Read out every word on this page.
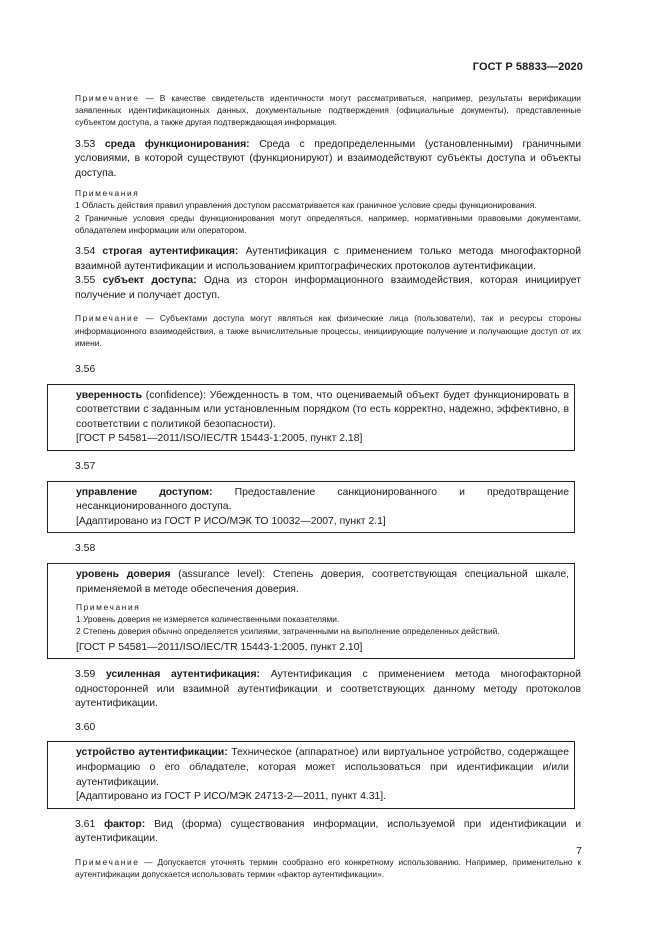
ГОСТ Р 58833—2020

Примечание — В качестве свидетельств идентичности могут рассматриваться, например, результаты верификации заявленных идентификационных данных, документальные подтверждения (официальные документы), представленные субъектом доступа, а также другая подтверждающая информация.

3.53 среда функционирования: Среда с предопределенными (установленными) граничными условиями, в которой существуют (функционируют) и взаимодействуют субъекты доступа и объекты доступа.

Примечания

1 Область действия правил управления доступом рассматривается как граничное условие среды функционирования.

2 Граничные условия среды функционирования могут определяться, например, нормативными правовыми документами, обладателем информации или оператором.

3.54 строгая аутентификация: Аутентификация с применением только метода многофакторной взаимной аутентификации и использованием криптографических протоколов аутентификации.

3.55 субъект доступа: Одна из сторон информационного взаимодействия, которая инициирует получение и получает доступ.

Примечание — Субъектами доступа могут являться как физические лица (пользователи), так и ресурсы стороны информационного взаимодействия, а также вычислительные процессы, инициирующие получение и получающие доступ от их имени.

3.56

уверенность (confidence): Убежденность в том, что оцениваемый объект будет функционировать в соответствии с заданным или установленным порядком (то есть корректно, надежно, эффективно, в соответствии с политикой безопасности).

[ГОСТ Р 54581—2011/ISO/IEC/TR 15443-1:2005, пункт 2.18]

3.57

управление доступом: Предоставление санкционированного и предотвращение несанкционированного доступа.

[Адаптировано из ГОСТ Р ИСО/МЭК ТО 10032—2007, пункт 2.1]

3.58

уровень доверия (assurance level): Степень доверия, соответствующая специальной шкале, применяемой в методе обеспечения доверия.

Примечания

1 Уровень доверия не измеряется количественными показателями.

2 Степень доверия обычно определяется усилиями, затраченными на выполнение определенных действий.

[ГОСТ Р 54581—2011/ISO/IEC/TR 15443-1:2005, пункт 2.10]

3.59 усиленная аутентификация: Аутентификация с применением метода многофакторной односторонней или взаимной аутентификации и соответствующих данному методу протоколов аутентификации.

3.60

устройство аутентификации: Техническое (аппаратное) или виртуальное устройство, содержащее информацию о его обладателе, которая может использоваться при идентификации и/или аутентификации.

[Адаптировано из ГОСТ Р ИСО/МЭК 24713-2—2011, пункт 4.31].

3.61 фактор: Вид (форма) существования информации, используемой при идентификации и аутентификации.

Примечание — Допускается уточнять термин сообразно его конкретному использованию. Например, применительно к аутентификации допускается использовать термин «фактор аутентификации».

7
